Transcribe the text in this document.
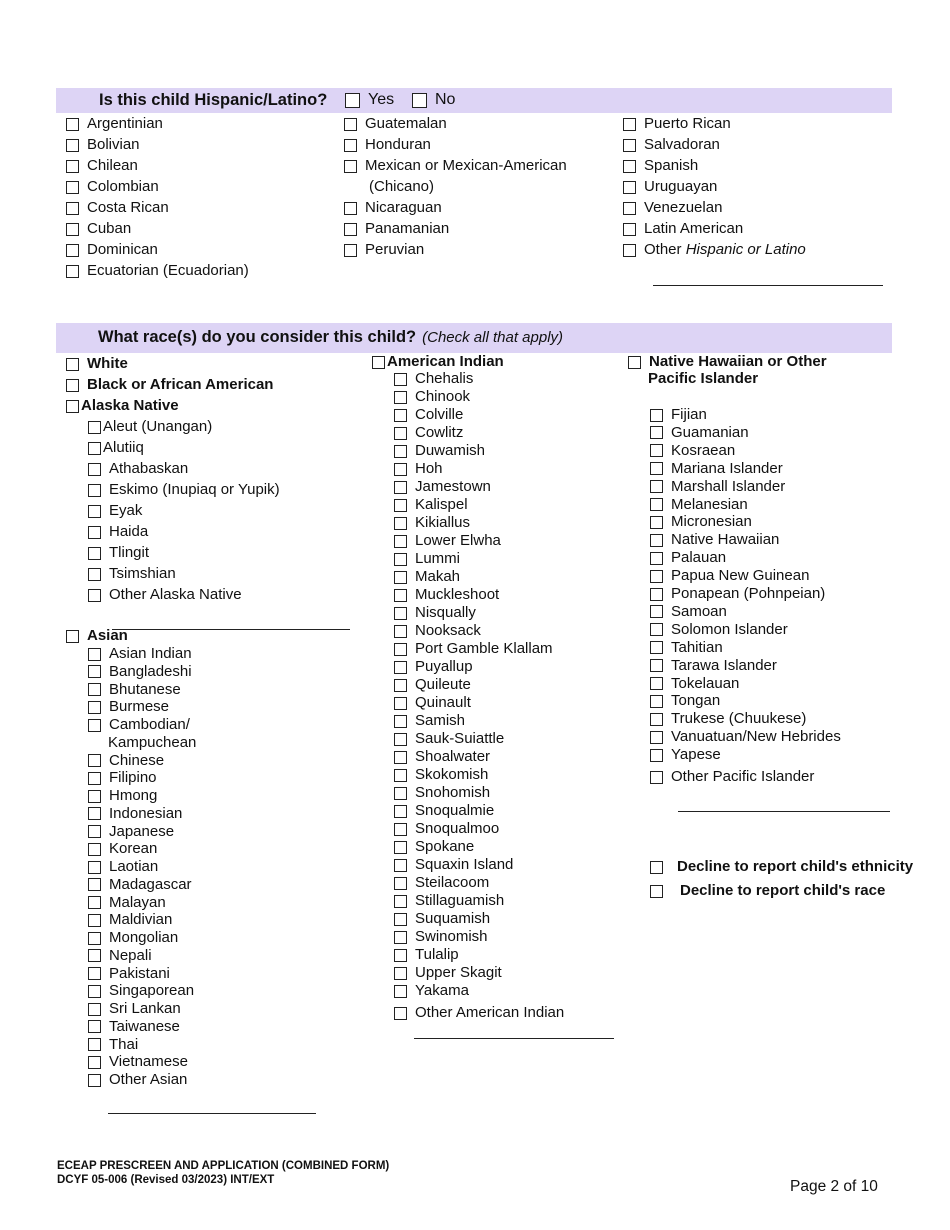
Is this child Hispanic/Latino?	Yes	No
Argentinian
Bolivian
Chilean
Colombian
Costa Rican
Cuban
Dominican
Ecuatorian (Ecuadorian)
Guatemalan
Honduran
Mexican or Mexican-American
(Chicano)
Nicaraguan
Panamanian
Peruvian
Puerto Rican
Salvadoran
Spanish
Uruguayan
Venezuelan
Latin American
Other
Hispanic or Latino
What race(s) do you consider this child? (Check all that apply)
White
Black or African American
Alaska Native
Aleut (Unangan)
Alutiiq
Athabaskan
Eskimo (Inupiaq or Yupik)
Eyak
Haida
Tlingit
Tsimshian
Other Alaska Native
Asian
Asian Indian
Bangladeshi
Bhutanese
Burmese
Cambodian/
Kampuchean
Chinese
Filipino
Hmong
Indonesian
Japanese
Korean
Laotian
Madagascar
Malayan
Maldivian
Mongolian
Nepali
Pakistani
Singaporean
Sri Lankan
Taiwanese
Thai
Vietnamese
Other Asian
American Indian
Chehalis
Chinook
Colville
Cowlitz
Duwamish
Hoh
Jamestown
Kalispel
Kikiallus
Lower Elwha
Lummi
Makah
Muckleshoot
Nisqually
Nooksack
Port Gamble Klallam
Puyallup
Quileute
Quinault
Samish
Sauk-Suiattle
Shoalwater
Skokomish
Snohomish
Snoqualmie
Snoqualmoo
Spokane
Squaxin Island
Steilacoom
Stillaguamish
Suquamish
Swinomish
Tulalip
Upper Skagit
Yakama
Other American Indian
Native Hawaiian or Other
Pacific Islander
Fijian
Guamanian
Kosraean
Mariana Islander
Marshall Islander
Melanesian
Micronesian
Native Hawaiian
Palauan
Papua New Guinean
Ponapean (Pohnpeian)
Samoan
Solomon Islander
Tahitian
Tarawa Islander
Tokelauan
Tongan
Trukese (Chuukese)
Vanuatuan/New Hebrides
Yapese
Other Pacific Islander
Decline to report child's ethnicity
Decline to report child's race
ECEAP PRESCREEN AND APPLICATION (COMBINED FORM)
DCYF 05-006 (Revised 03/2023) INT/EXT	Page 2 of 10
